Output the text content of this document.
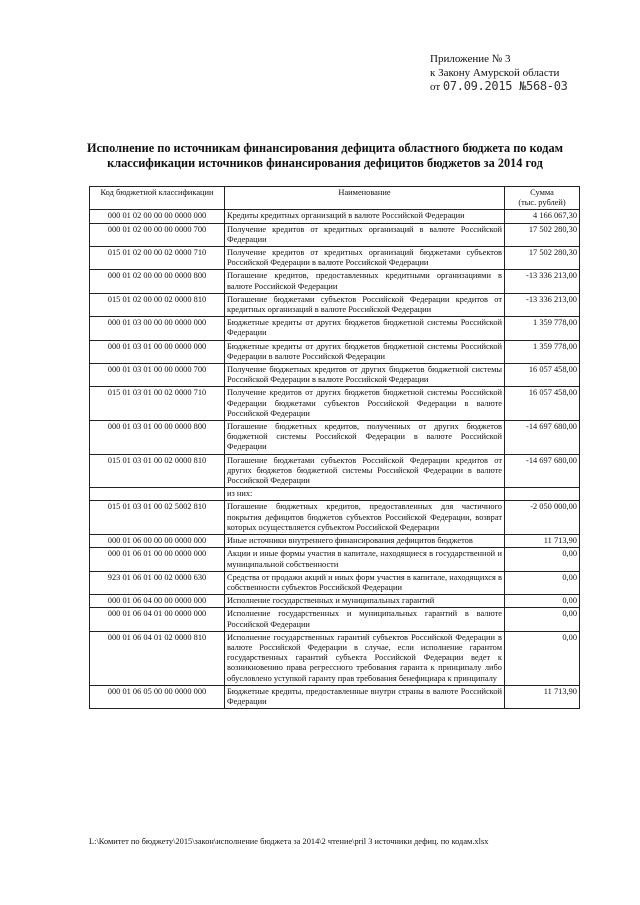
Приложение № 3
к Закону Амурской области
от 07.09.2015 №568-03
Исполнение по источникам финансирования дефицита областного бюджета по кодам
классификации источников финансирования дефицитов бюджетов за 2014 год
Код бюджетной классификации	Наименование	Сумма
(тыс. рублей)

000 01 02 00 00 00 0000 000	Кредиты кредитных организаций в валюте Российской Федерации	4 166 067,30
000 01 02 00 00 00 0000 700	Получение кредитов от кредитных организаций в валюте Российской Федерации	17 502 280,30
015 01 02 00 00 02 0000 710	Получение кредитов от кредитных организаций бюджетами субъектов Российской Федерации в валюте Российской Федерации	17 502 280,30
000 01 02 00 00 00 0000 800	Погашение кредитов, предоставленных кредитными организациями в валюте Российской Федерации	-13 336 213,00
015 01 02 00 00 02 0000 810	Погашение бюджетами субъектов Российской Федерации кредитов от кредитных организаций в валюте Российской Федерации	-13 336 213,00
000 01 03 00 00 00 0000 000	Бюджетные кредиты от других бюджетов бюджетной системы Российской Федерации	1 359 778,00
000 01 03 01 00 00 0000 000	Бюджетные кредиты от других бюджетов бюджетной системы Российской Федерации в валюте Российской Федерации	1 359 778,00
000 01 03 01 00 00 0000 700	Получение бюджетных кредитов от других бюджетов бюджетной системы Российской Федерации в валюте Российской Федерации	16 057 458,00
015 01 03 01 00 02 0000 710	Получение кредитов от других бюджетов бюджетной системы Российской Федерации бюджетами субъектов Российской Федерации в валюте Российской Федерации	16 057 458,00
000 01 03 01 00 00 0000 800	Погашение бюджетных кредитов, полученных от других бюджетов бюджетной системы Российской Федерации в валюте Российской Федерации	-14 697 680,00
015 01 03 01 00 02 0000 810	Погашение бюджетами субъектов Российской Федерации кредитов от других бюджетов бюджетной системы Российской Федерации в валюте Российской Федерации	-14 697 680,00
	из них:	
015 01 03 01 00 02 5002 810	Погашение бюджетных кредитов, предоставленных для частичного покрытия дефицитов бюджетов субъектов Российской Федерации, возврат которых осуществляется субъектом Российской Федерации	-2 050 000,00
000 01 06 00 00 00 0000 000	Иные источники внутреннего финансирования дефицитов бюджетов	11 713,90
000 01 06 01 00 00 0000 000	Акции и иные формы участия в капитале, находящиеся в государственной и муниципальной собственности	0,00
923 01 06 01 00 02 0000 630	Средства от продажи акций и иных форм участия в капитале, находящихся в собственности субъектов Российской Федерации	0,00
000 01 06 04 00 00 0000 000	Исполнение государственных и муниципальных гарантий	0,00
000 01 06 04 01 00 0000 000	Исполнение государственных и муниципальных гарантий в валюте Российской Федерации	0,00
000 01 06 04 01 02 0000 810	Исполнение государственных гарантий субъектов Российской Федерации в валюте Российской Федерации в случае, если исполнение гарантом государственных гарантий субъекта Российской Федерации ведет к возникновению права регрессного требования гаранта к принципалу либо обусловлено уступкой гаранту прав требования бенефициара к принципалу	0,00
000 01 06 05 00 00 0000 000	Бюджетные кредиты, предоставленные внутри страны в валюте Российской Федерации	11 713,90
L:\Комитет по бюджету\2015\закон\исполнение бюджета за 2014\2 чтение\pril 3 источники дефиц. по кодам.xlsx
